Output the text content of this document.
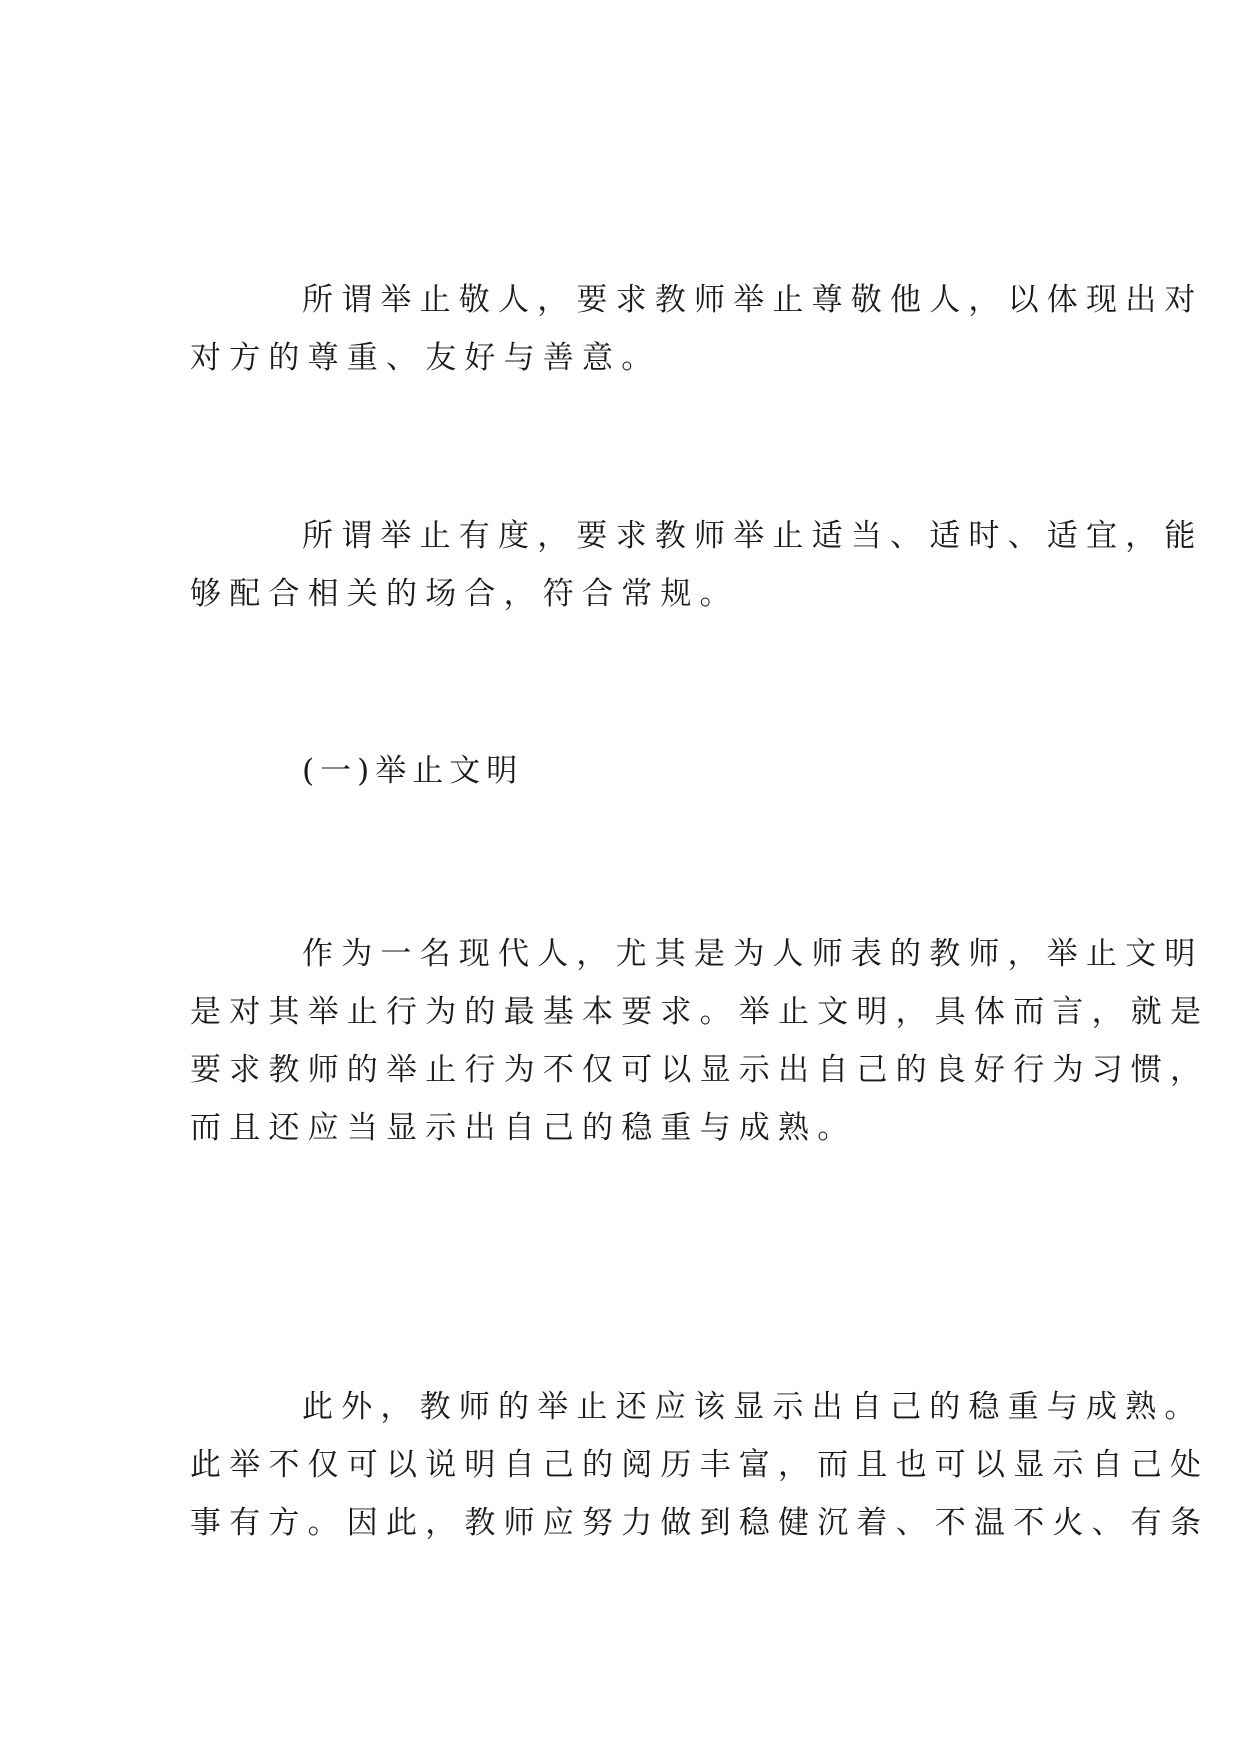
所谓举止敬人，要求教师举止尊敬他人，以体现出对
对方的尊重、友好与善意。
所谓举止有度，要求教师举止适当、适时、适宜，能
够配合相关的场合，符合常规。
(一)举止文明
作为一名现代人，尤其是为人师表的教师，举止文明
是对其举止行为的最基本要求。举止文明，具体而言，就是
要求教师的举止行为不仅可以显示出自己的良好行为习惯，
而且还应当显示出自己的稳重与成熟。
此外，教师的举止还应该显示出自己的稳重与成熟。
此举不仅可以说明自己的阅历丰富，而且也可以显示自己处
事有方。因此，教师应努力做到稳健沉着、不温不火、有条
